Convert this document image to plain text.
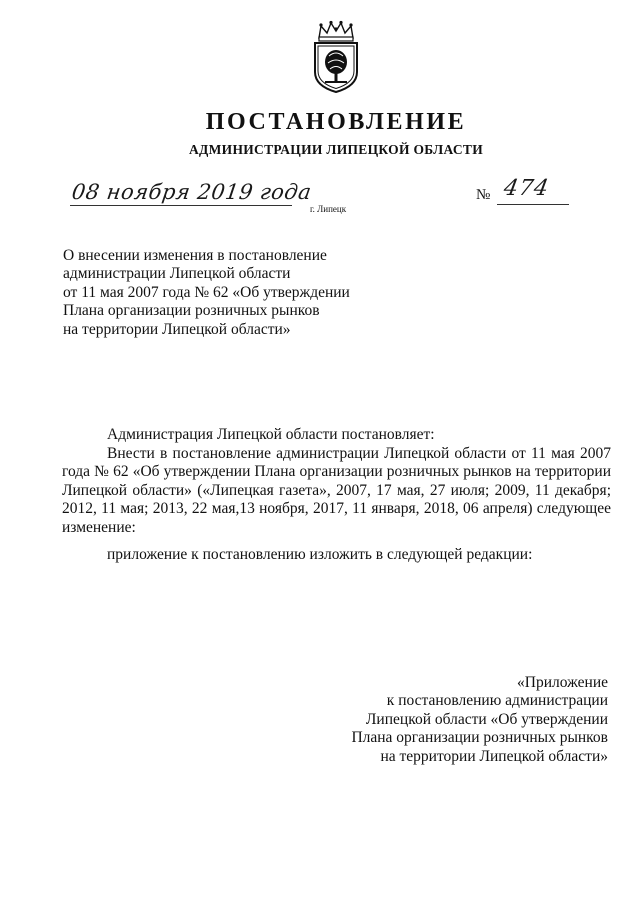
ПОСТАНОВЛЕНИЕ
АДМИНИСТРАЦИИ ЛИПЕЦКОЙ ОБЛАСТИ
08 ноября 2019 года
г. Липецк
№ 474
О внесении изменения в постановление
администрации Липецкой области
от 11 мая 2007 года № 62 «Об утверждении
Плана организации розничных рынков
на территории Липецкой области»

Администрация Липецкой области постановляет:

Внести в постановление администрации Липецкой области от 11 мая 2007 года № 62 «Об утверждении Плана организации розничных рынков на территории Липецкой области» («Липецкая газета», 2007, 17 мая, 27 июля; 2009, 11 декабря; 2012, 11 мая; 2013, 22 мая,13 ноября, 2017, 11 января, 2018, 06 апреля) следующее изменение:

приложение к постановлению изложить в следующей редакции:

«Приложение
к постановлению администрации
Липецкой области «Об утверждении
Плана организации розничных рынков
на территории Липецкой области»
